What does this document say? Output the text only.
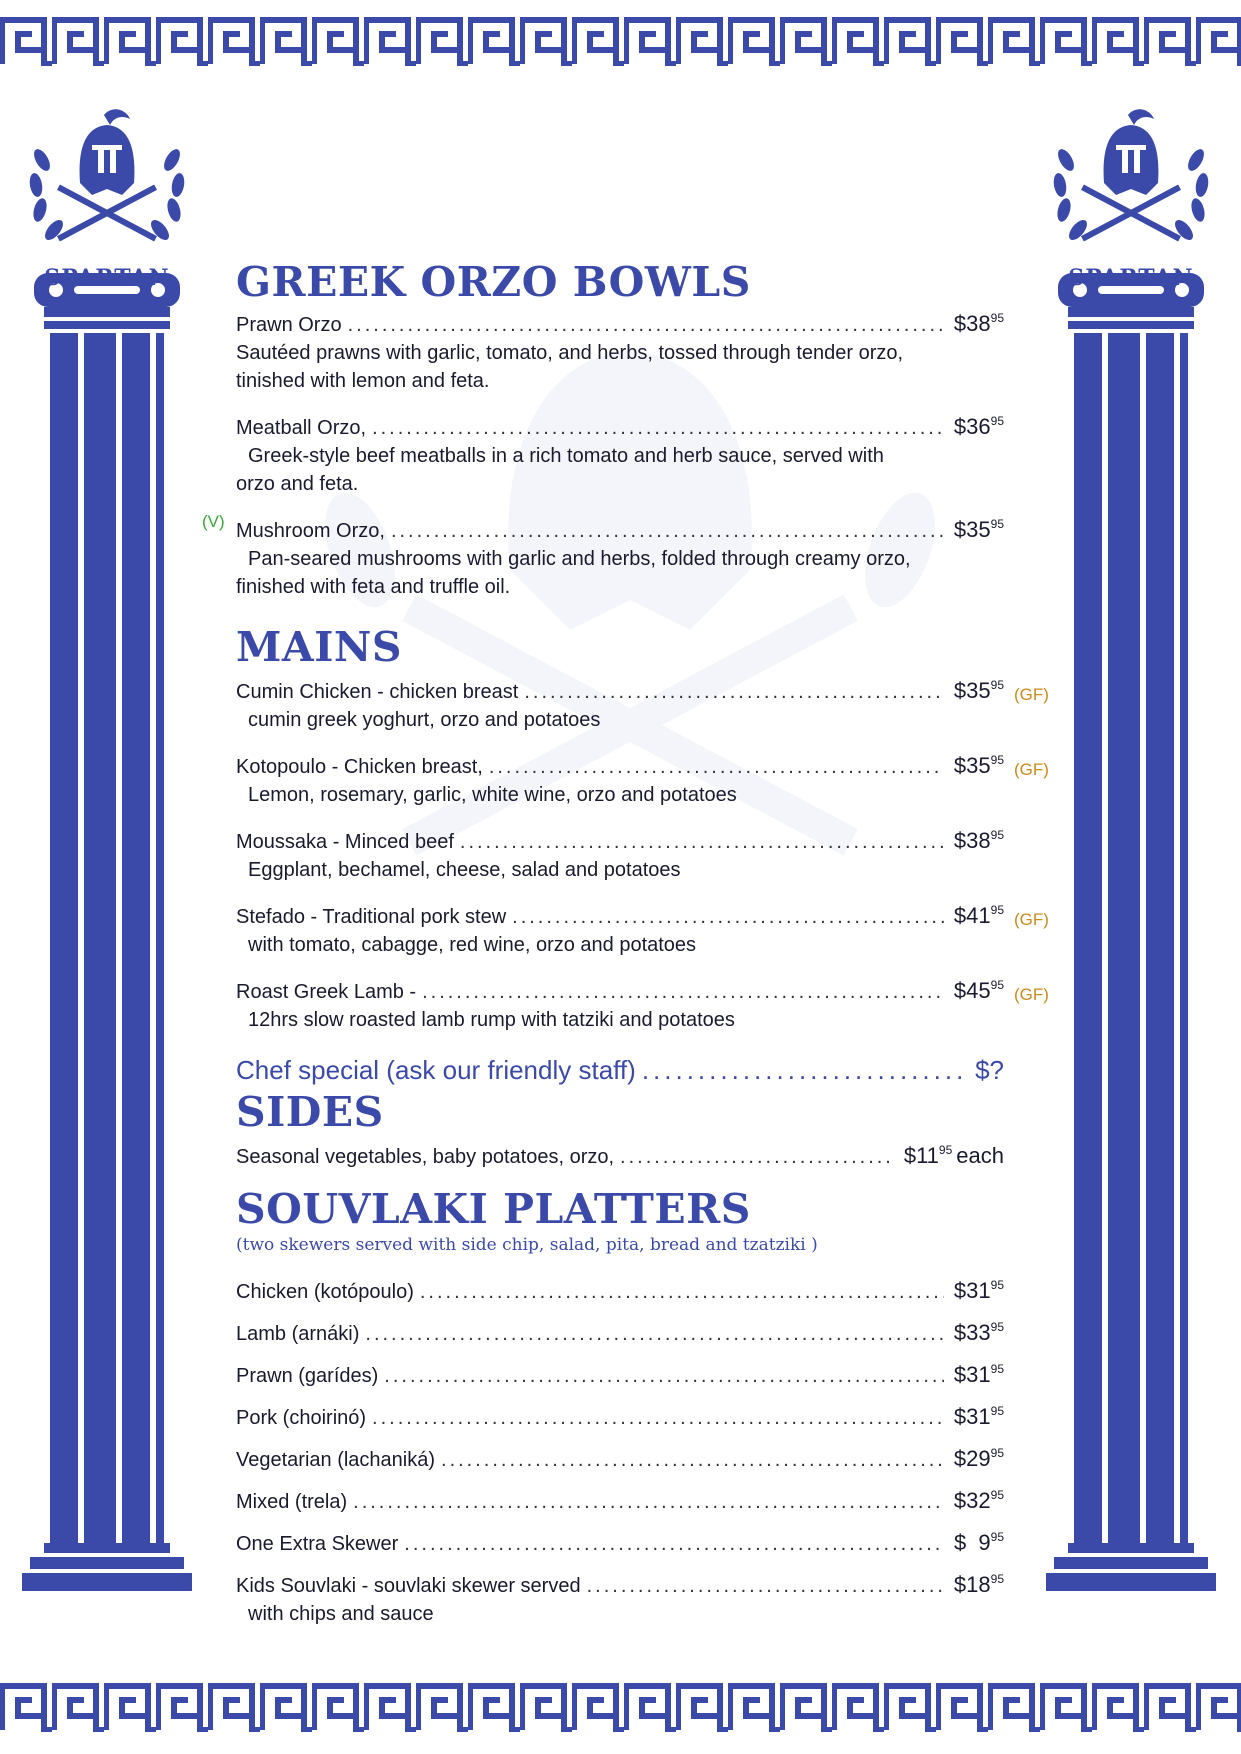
SPARTAN	SPARTAN
GREEK ORZO BOWLS
Prawn Orzo .....	$\$38^{95}$
Sautéed prawns with garlic, tomato, and herbs, tossed through tender orzo,
tinished with lemon and feta.
Meatball Orzo, .....	$\$36^{95}$
Greek-style beef meatballs in a rich tomato and herb sauce, served with
orzo and feta.
(V) Mushroom Orzo, .....	$\$35^{95}$
Pan-seared mushrooms with garlic and herbs, folded through creamy orzo,
finished with feta and truffle oil.
MAINS
(GF)
Cumin Chicken - chicken breast .....	$\$35^{95}$
cumin greek yoghurt, orzo and potatoes
(GF)
Kotopoulo - Chicken breast, .....	$\$35^{95}$
Lemon, rosemary, garlic, white wine, orzo and potatoes
Moussaka - Minced beef .....	$\$38^{95}$
Eggplant, bechamel, cheese, salad and potatoes
(GF)
Stefado - Traditional pork stew .....	$\$41^{95}$
with tomato, cabagge, red wine, orzo and potatoes
(GF)
Roast Greek Lamb - .....	$\$45^{95}$
12hrs slow roasted lamb rump with tatziki and potatoes
Chef special (ask our friendly staff) .....	$?
SIDES
Seasonal vegetables, baby potatoes, orzo, .....	$\$11^{95}$ each
SOUVLAKI PLATTERS
(two skewers served with side chip, salad, pita, bread and tzatziki )
Chicken (kotópoulo) .....	$\$31^{95}$
Lamb (arnáki) .....	$\$33^{95}$
Prawn (garídes) .....	$\$31^{95}$
Pork (choirinó) .....	$\$31^{95}$
Vegetarian (lachaniká) .....	$\$29^{95}$
Mixed (trela) .....	$\$32^{95}$
One Extra Skewer .....	$  $9^{95}$
Kids Souvlaki - souvlaki skewer served .....	$\$18^{95}$
with chips and sauce
